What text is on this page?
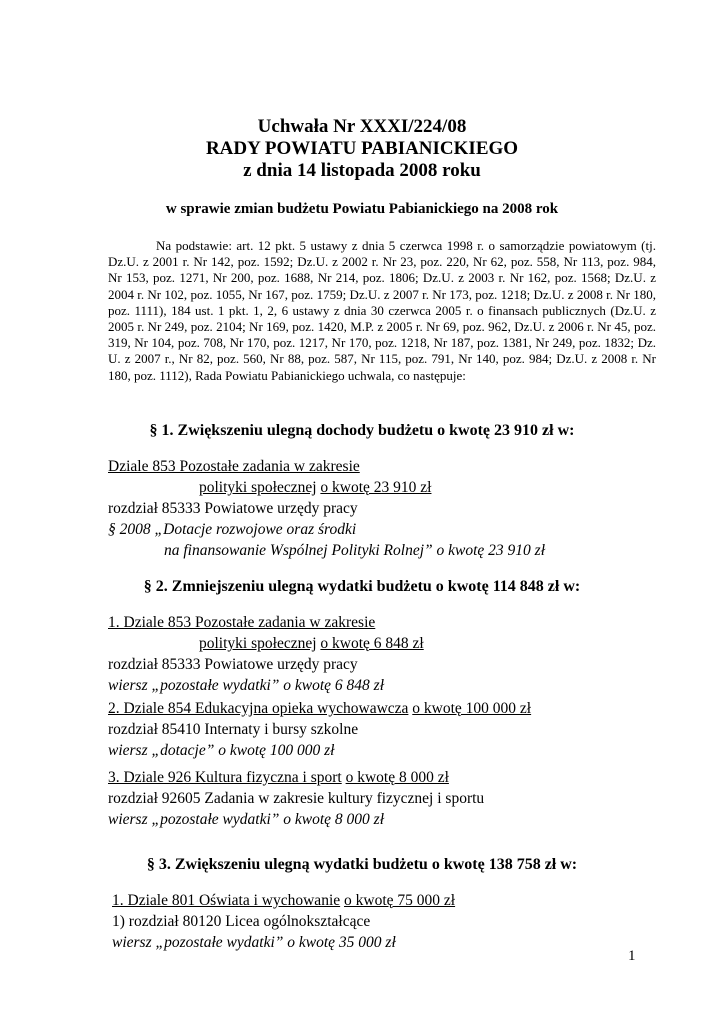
Uchwała Nr XXXI/224/08
RADY POWIATU PABIANICKIEGO
z dnia 14 listopada 2008 roku
w sprawie zmian budżetu Powiatu Pabianickiego na 2008 rok
Na podstawie: art. 12 pkt. 5 ustawy z dnia 5 czerwca 1998 r. o samorządzie powiatowym (tj. Dz.U. z 2001 r. Nr 142, poz. 1592; Dz.U. z 2002 r. Nr 23, poz. 220, Nr 62, poz. 558, Nr 113, poz. 984, Nr 153, poz. 1271, Nr 200, poz. 1688, Nr 214, poz. 1806; Dz.U. z 2003 r. Nr 162, poz. 1568; Dz.U. z 2004 r. Nr 102, poz. 1055, Nr 167, poz. 1759; Dz.U. z 2007 r. Nr 173, poz. 1218; Dz.U. z 2008 r. Nr 180, poz. 1111), 184 ust. 1 pkt. 1, 2, 6 ustawy z dnia 30 czerwca 2005 r. o finansach publicznych (Dz.U. z 2005 r. Nr 249, poz. 2104; Nr 169, poz. 1420, M.P. z 2005 r. Nr 69, poz. 962, Dz.U. z 2006 r. Nr 45, poz. 319, Nr 104, poz. 708, Nr 170, poz. 1217, Nr 170, poz. 1218, Nr 187, poz. 1381, Nr 249, poz. 1832; Dz. U. z 2007 r., Nr 82, poz. 560, Nr 88, poz. 587, Nr 115, poz. 791, Nr 140, poz. 984; Dz.U. z 2008 r. Nr 180, poz. 1112), Rada Powiatu Pabianickiego uchwala, co następuje:
§ 1. Zwiększeniu ulegną dochody budżetu o kwotę 23 910 zł w:
Dziale 853 Pozostałe zadania w zakresie
polityki społecznej o kwotę 23 910 zł
rozdział 85333 Powiatowe urzędy pracy
§ 2008 „Dotacje rozwojowe oraz środki
na finansowanie Wspólnej Polityki Rolnej” o kwotę 23 910 zł
§ 2. Zmniejszeniu ulegną wydatki budżetu o kwotę 114 848 zł w:
1. Dziale 853 Pozostałe zadania w zakresie
polityki społecznej o kwotę 6 848 zł
rozdział 85333 Powiatowe urzędy pracy
wiersz „pozostałe wydatki” o kwotę 6 848 zł
2. Dziale 854 Edukacyjna opieka wychowawcza o kwotę 100 000 zł
rozdział 85410 Internaty i bursy szkolne
wiersz „dotacje” o kwotę 100 000 zł
3. Dziale 926 Kultura fizyczna i sport o kwotę 8 000 zł
rozdział 92605 Zadania w zakresie kultury fizycznej i sportu
wiersz „pozostałe wydatki” o kwotę 8 000 zł
§ 3. Zwiększeniu ulegną wydatki budżetu o kwotę 138 758 zł w:
1. Dziale 801 Oświata i wychowanie o kwotę 75 000 zł
1) rozdział 80120 Licea ogólnokształcące
wiersz „pozostałe wydatki” o kwotę 35 000 zł
1
